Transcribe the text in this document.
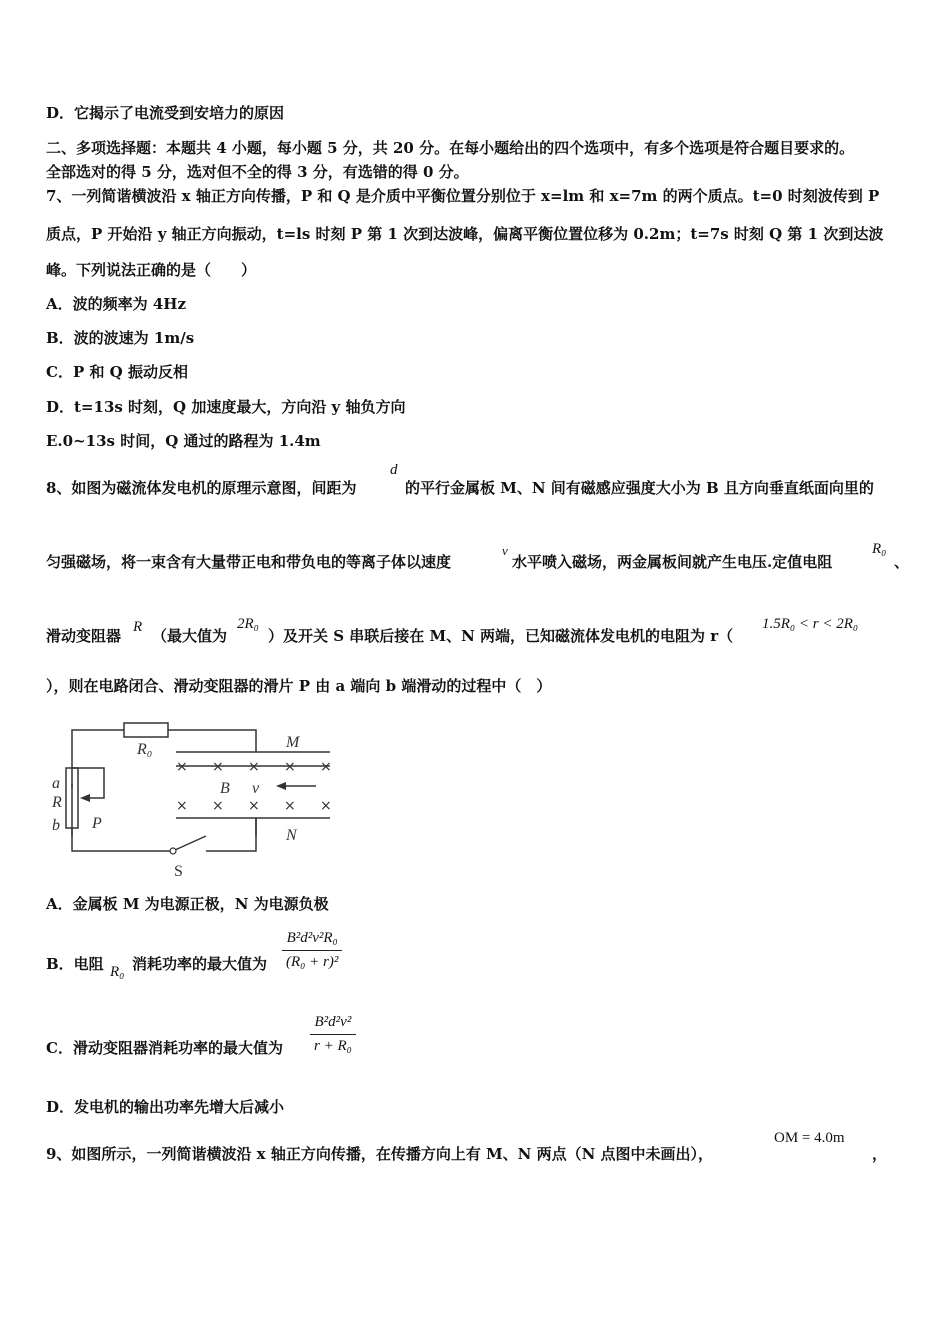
D．它揭示了电流受到安培力的原因
二、多项选择题：本题共 4 小题，每小题 5 分，共 20 分。在每小题给出的四个选项中，有多个选项是符合题目要求的。
全部选对的得 5 分，选对但不全的得 3 分，有选错的得 0 分。
7、一列简谐横波沿 x 轴正方向传播，P 和 Q 是介质中平衡位置分别位于 x=lm 和 x=7m 的两个质点。t=0 时刻波传到 P
质点，P 开始沿 y 轴正方向振动，t=ls 时刻 P 第 1 次到达波峰，偏离平衡位置位移为 0.2m；t=7s 时刻 Q 第 1 次到达波
峰。下列说法正确的是（　　）
A．波的频率为 4Hz
B．波的波速为 1m/s
C．P 和 Q 振动反相
D．t=13s 时刻，Q 加速度最大，方向沿 y 轴负方向
E.0~13s 时间，Q 通过的路程为 1.4m
8、如图为磁流体发电机的原理示意图，间距为
d
的平行金属板 M、N 间有磁感应强度大小为 B 且方向垂直纸面向里的
匀强磁场，将一束含有大量带正电和带负电的等离子体以速度
v
水平喷入磁场，两金属板间就产生电压.定值电阻
R₀
、
滑动变阻器 R （最大值为
2R₀
）及开关 S 串联后接在 M、N 两端，已知磁流体发电机的电阻为 r（
1.5R₀ < r < 2R₀
），则在电路闭合、滑动变阻器的滑片 P 由 a 端向 b 端滑动的过程中（　）
R₀	M
N
B v
a
R
b P
S
× × × × ×
× × × × ×
A．金属板 M 为电源正极，N 为电源负极
B．电阻 R₀ 消耗功率的最大值为 $\frac{\text{B²d²v²R₀}}{\text{(R₀ + r)²}}$
C．滑动变阻器消耗功率的最大值为 $\frac{\text{B²d²v²}}{\text{r + R₀}}$
D．发电机的输出功率先增大后减小
9、如图所示，一列简谐横波沿 x 轴正方向传播，在传播方向上有 M、N 两点（N 点图中未画出），
OM = 4.0m
，
